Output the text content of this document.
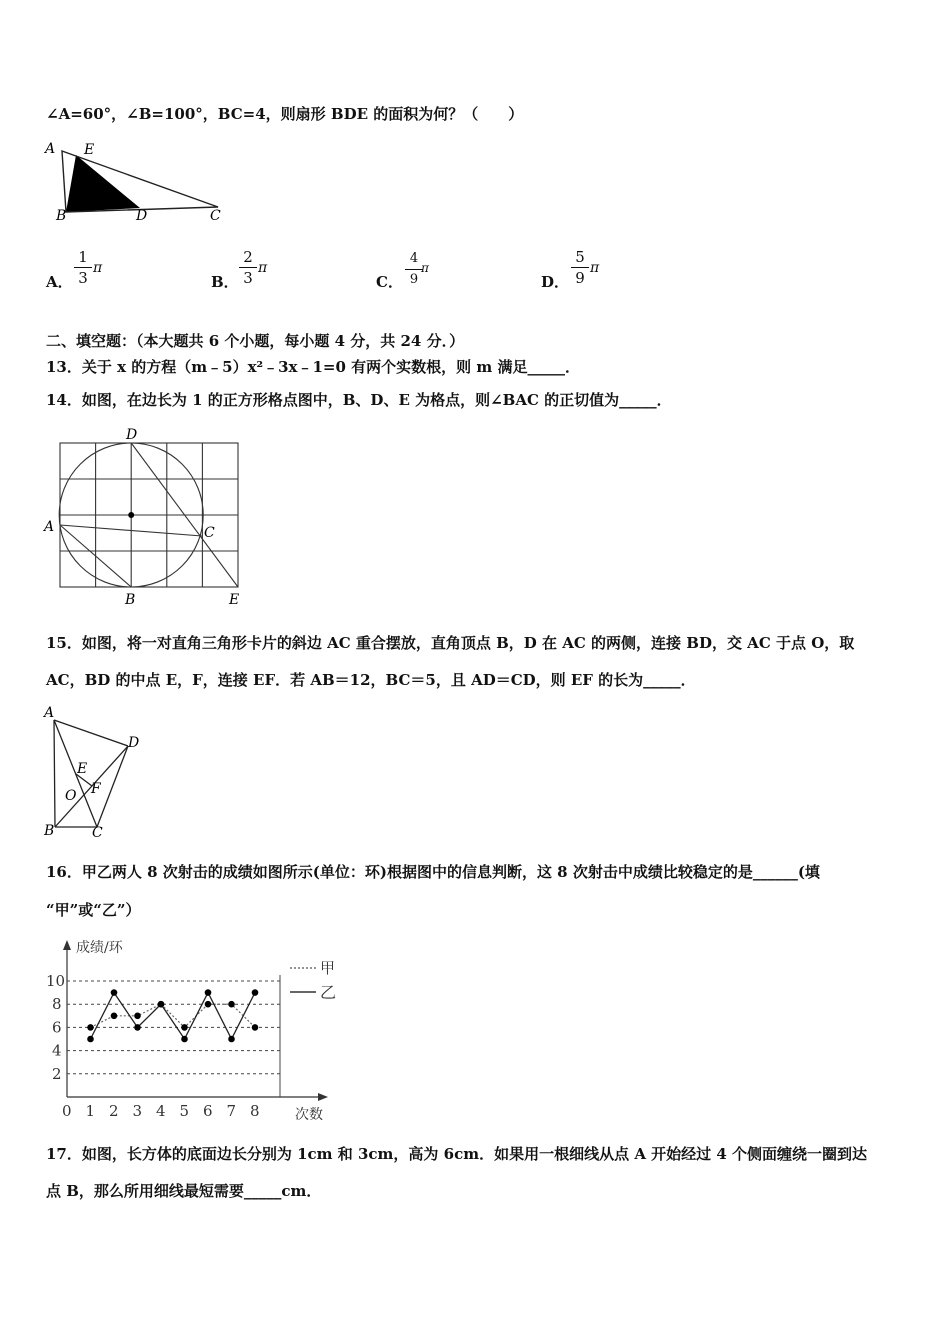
∠A=60°，∠B=100°，BC=4，则扇形 BDE 的面积为何？（　　）
A E
B	D	C
A． $\frac{1}{3}$ π
B． $\frac{2}{3}$ π
C． $\frac{4}{9}$
π
D． $\frac{5}{9}$ π
二、填空题：（本大题共 6 个小题，每小题 4 分，共 24 分．）
13．关于 x 的方程（m﹣5）x²﹣3x﹣1=0 有两个实数根，则 m 满足_____．
14．如图，在边长为 1 的正方形格点图中，B、D、E 为格点，则∠BAC 的正切值为_____．
D
A	C
B	E
15．如图，将一对直角三角形卡片的斜边 AC 重合摆放，直角顶点 B，D 在 AC 的两侧，连接 BD，交 AC 于点 O，取
AC，BD 的中点 E，F，连接 EF．若 AB＝12，BC＝5，且 AD＝CD，则 EF 的长为_____．
A
D
E
O F
B	C
16．甲乙两人 8 次射击的成绩如图所示(单位：环)根据图中的信息判断，这 8 次射击中成绩比较稳定的是______(填
“甲”或“乙”）
2
4
6
8
10
0 1 2 3 4 5 6 7 8
成绩/环
次数
甲
乙
17．如图，长方体的底面边长分别为 1cm 和 3cm，高为 6cm．如果用一根细线从点 A 开始经过 4 个侧面缠绕一圈到达
点 B，那么所用细线最短需要_____cm．
